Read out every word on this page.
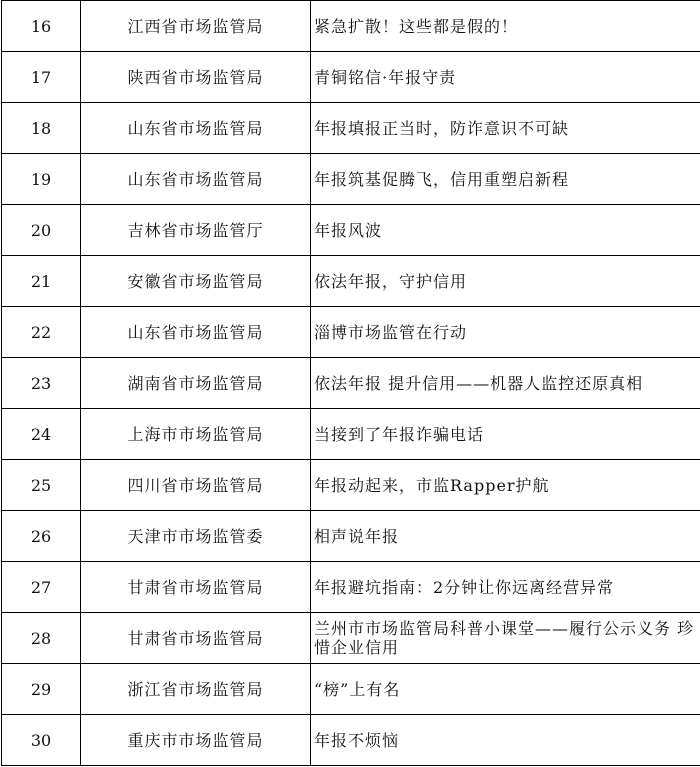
16	江西省市场监管局	紧急扩散！这些都是假的！
17	陕西省市场监管局	青铜铭信·年报守责
18	山东省市场监管局	年报填报正当时，防诈意识不可缺
19	山东省市场监管局	年报筑基促腾飞，信用重塑启新程
20	吉林省市场监管厅	年报风波
21	安徽省市场监管局	依法年报，守护信用
22	山东省市场监管局	淄博市场监管在行动
23	湖南省市场监管局	依法年报 提升信用——机器人监控还原真相
24	上海市市场监管局	当接到了年报诈骗电话
25	四川省市场监管局	年报动起来，市监Rapper护航
26	天津市市场监管委	相声说年报
27	甘肃省市场监管局	年报避坑指南：2分钟让你远离经营异常
28	甘肃省市场监管局	兰州市市场监管局科普小课堂——履行公示义务 珍惜企业信用
29	浙江省市场监管局	“榜”上有名
30	重庆市市场监管局	年报不烦恼
